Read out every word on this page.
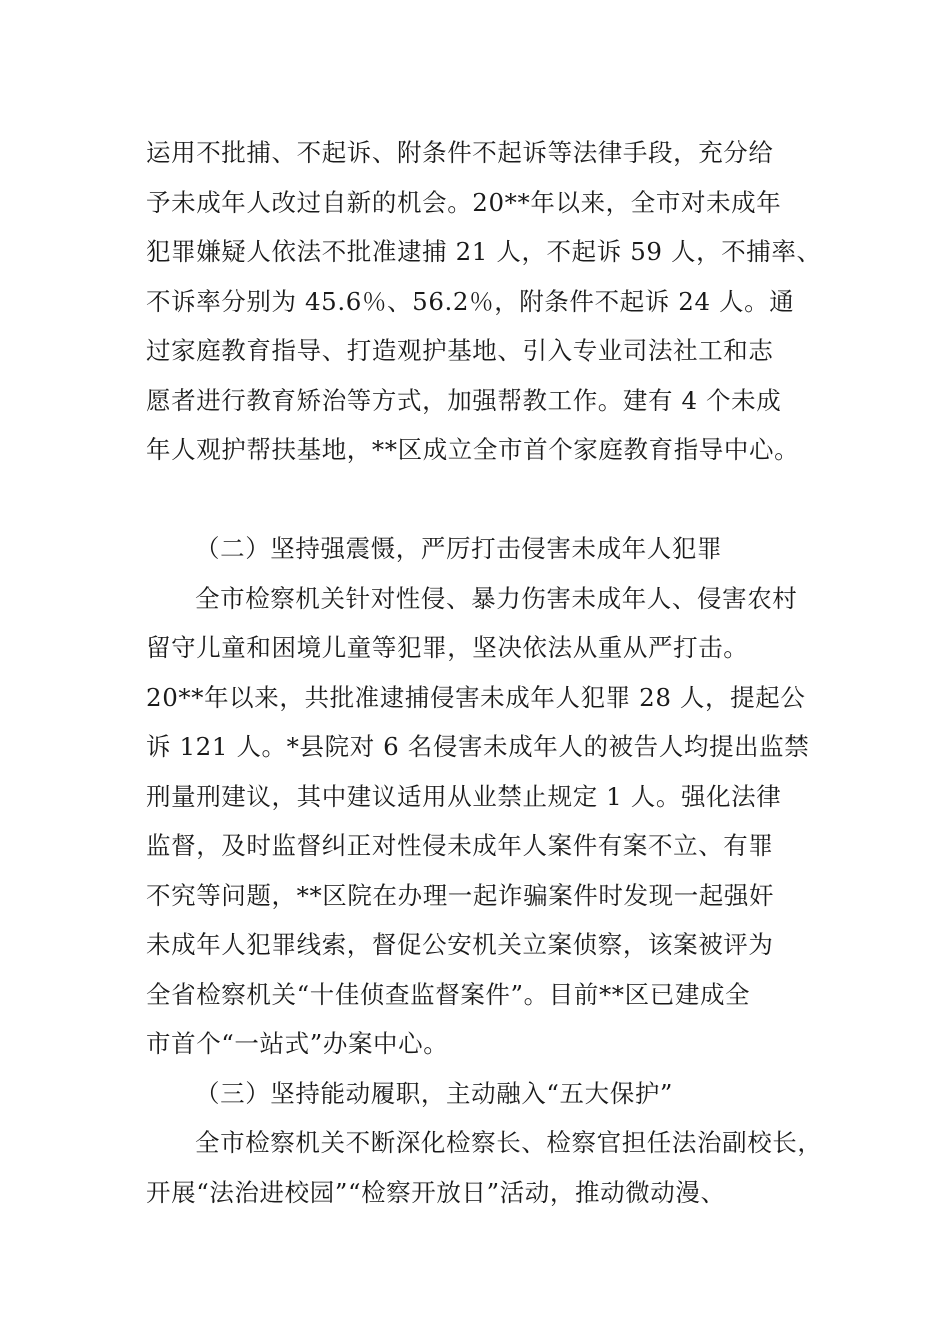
运用不批捕、不起诉、附条件不起诉等法律手段，充分给
予未成年人改过自新的机会。20**年以来，全市对未成年
犯罪嫌疑人依法不批准逮捕 21 人，不起诉 59 人，不捕率、
不诉率分别为 45.6％、56.2％，附条件不起诉 24 人。通
过家庭教育指导、打造观护基地、引入专业司法社工和志
愿者进行教育矫治等方式，加强帮教工作。建有 4 个未成
年人观护帮扶基地，**区成立全市首个家庭教育指导中心。
（二）坚持强震慑，严厉打击侵害未成年人犯罪
全市检察机关针对性侵、暴力伤害未成年人、侵害农村
留守儿童和困境儿童等犯罪，坚决依法从重从严打击。
20**年以来，共批准逮捕侵害未成年人犯罪 28 人，提起公
诉 121 人。*县院对 6 名侵害未成年人的被告人均提出监禁
刑量刑建议，其中建议适用从业禁止规定 1 人。强化法律
监督，及时监督纠正对性侵未成年人案件有案不立、有罪
不究等问题，**区院在办理一起诈骗案件时发现一起强奸
未成年人犯罪线索，督促公安机关立案侦察，该案被评为
全省检察机关“十佳侦查监督案件”。目前**区已建成全
市首个“一站式”办案中心。
（三）坚持能动履职，主动融入“五大保护”
全市检察机关不断深化检察长、检察官担任法治副校长，
开展“法治进校园”“检察开放日”活动，推动微动漫、
